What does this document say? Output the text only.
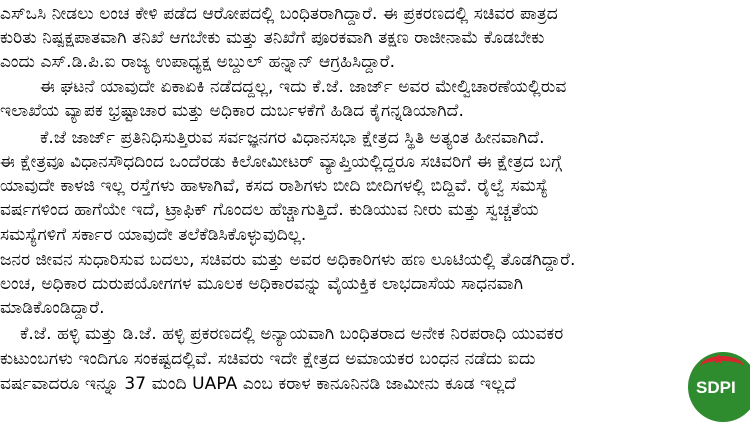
ಎಸ್‌ಒಸಿ ನೀಡಲು ಲಂಚ ಕೇಳಿ ಪಡೆದ ಆರೋಪದಲ್ಲಿ ಬಂಧಿತರಾಗಿದ್ದಾರೆ. ಈ ಪ್ರಕರಣದಲ್ಲಿ ಸಚಿವರ ಪಾತ್ರದ
ಕುರಿತು ನಿಷ್ಪಕ್ಷಪಾತವಾಗಿ ತನಿಖೆ ಆಗಬೇಕು ಮತ್ತು ತನಿಖೆಗೆ ಪೂರಕವಾಗಿ ತಕ್ಷಣ ರಾಜೀನಾಮೆ ಕೊಡಬೇಕು
ಎಂದು ಎಸ್.ಡಿ.ಪಿ.ಐ ರಾಜ್ಯ ಉಪಾಧ್ಯಕ್ಷ ಅಬ್ದುಲ್ ಹನ್ನಾನ್ ಆಗ್ರಹಿಸಿದ್ದಾರೆ.
ಈ ಘಟನೆ ಯಾವುದೇ ಏಕಾಏಕಿ ನಡೆದದ್ದಲ್ಲ, ಇದು ಕೆ.ಜೆ. ಜಾರ್ಜ್ ಅವರ ಮೇಲ್ವಿಚಾರಣೆಯಲ್ಲಿರುವ
ಇಲಾಖೆಯ ವ್ಯಾಪಕ ಭ್ರಷ್ಟಾಚಾರ ಮತ್ತು ಅಧಿಕಾರ ದುರ್ಬಳಕೆಗೆ ಹಿಡಿದ ಕೈಗನ್ನಡಿಯಾಗಿದೆ.
ಕೆ.ಜೆ ಜಾರ್ಜ್ ಪ್ರತಿನಿಧಿಸುತ್ತಿರುವ ಸರ್ವಜ್ಞನಗರ ವಿಧಾನಸಭಾ ಕ್ಷೇತ್ರದ ಸ್ಥಿತಿ ಅತ್ಯಂತ ಹೀನವಾಗಿದೆ.
ಈ ಕ್ಷೇತ್ರವೂ ವಿಧಾನಸೌಧದಿಂದ ಒಂದೆರಡು ಕಿಲೋಮೀಟರ್ ವ್ಯಾಪ್ತಿಯಲ್ಲಿದ್ದರೂ ಸಚಿವರಿಗೆ ಈ ಕ್ಷೇತ್ರದ ಬಗ್ಗೆ
ಯಾವುದೇ ಕಾಳಜಿ ಇಲ್ಲ ರಸ್ತೆಗಳು ಹಾಳಾಗಿವೆ, ಕಸದ ರಾಶಿಗಳು ಬೀದಿ ಬೀದಿಗಳಲ್ಲಿ ಬಿದ್ದಿವೆ. ರೈಲ್ವೆ ಸಮಸ್ಯೆ
ವರ್ಷಗಳಿಂದ ಹಾಗೆಯೇ ಇದೆ, ಟ್ರಾಫಿಕ್ ಗೊಂದಲ ಹೆಚ್ಚಾಗುತ್ತಿದೆ. ಕುಡಿಯುವ ನೀರು ಮತ್ತು ಸ್ವಚ್ಚತೆಯ
ಸಮಸ್ಯೆಗಳಿಗೆ ಸರ್ಕಾರ ಯಾವುದೇ ತಲೆಕೆಡಿಸಿಕೊಳ್ಳುವುದಿಲ್ಲ.
ಜನರ ಜೀವನ ಸುಧಾರಿಸುವ ಬದಲು, ಸಚಿವರು ಮತ್ತು ಅವರ ಅಧಿಕಾರಿಗಳು ಹಣ ಲೂಟಿಯಲ್ಲಿ ತೊಡಗಿದ್ದಾರೆ.
ಲಂಚ, ಅಧಿಕಾರ ದುರುಪಯೋಗಗಳ ಮೂಲಕ ಅಧಿಕಾರವನ್ನು ವೈಯಕ್ತಿಕ ಲಾಭದಾಸೆಯ ಸಾಧನವಾಗಿ
ಮಾಡಿಕೊಂಡಿದ್ದಾರೆ.
ಕೆ.ಜೆ. ಹಳ್ಳಿ ಮತ್ತು ಡಿ.ಜೆ. ಹಳ್ಳಿ ಪ್ರಕರಣದಲ್ಲಿ ಅನ್ಯಾಯವಾಗಿ ಬಂಧಿತರಾದ ಅನೇಕ ನಿರಪರಾಧಿ ಯುವಕರ
ಕುಟುಂಬಗಳು ಇಂದಿಗೂ ಸಂಕಷ್ಟದಲ್ಲಿವೆ. ಸಚಿವರು ಇದೇ ಕ್ಷೇತ್ರದ ಅಮಾಯಕರ ಬಂಧನ ನಡೆದು ಐದು
ವರ್ಷವಾದರೂ ಇನ್ನೂ 37 ಮಂದಿ UAPA ಎಂಬ ಕರಾಳ ಕಾನೂನಿನಡಿ ಜಾಮೀನು ಕೂಡ ಇಲ್ಲದೆ
★
SDPI
